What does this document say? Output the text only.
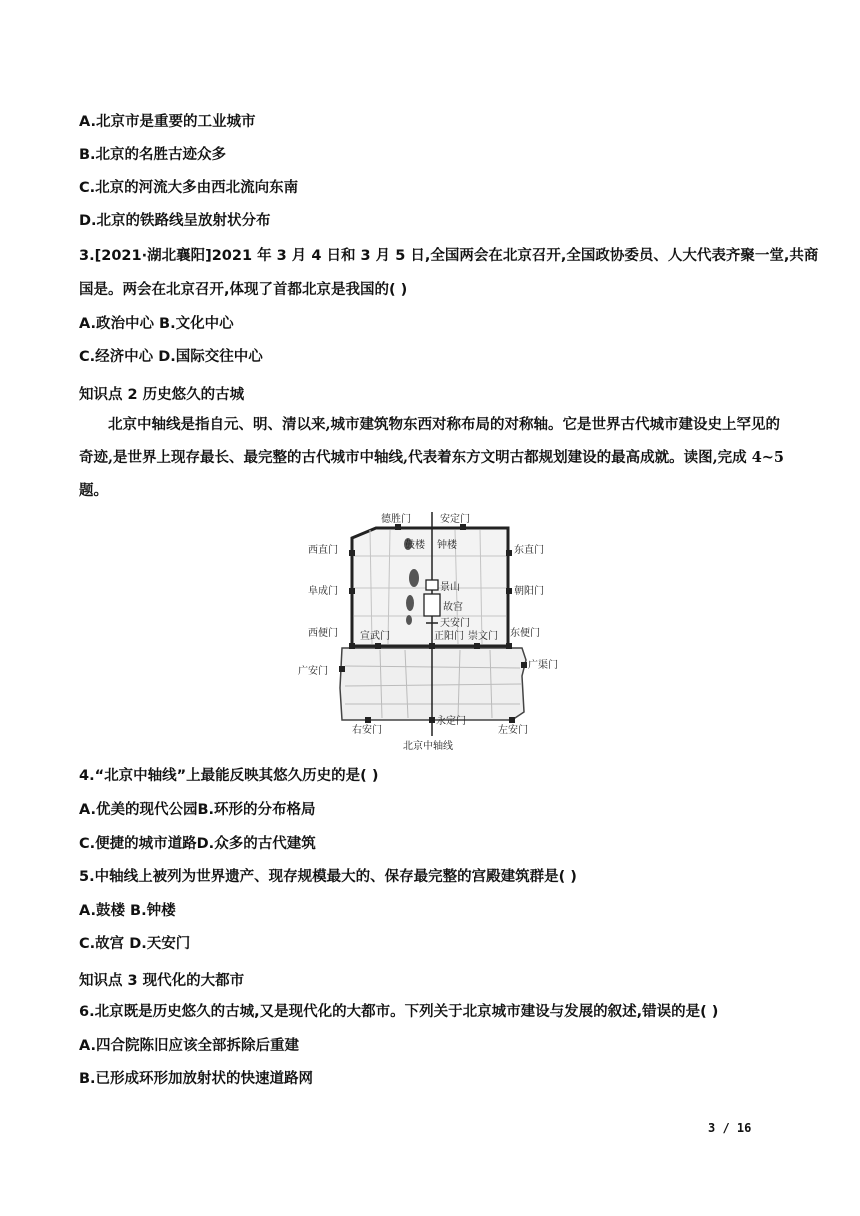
A.北京市是重要的工业城市
B.北京的名胜古迹众多
C.北京的河流大多由西北流向东南
D.北京的铁路线呈放射状分布
3.[2021·湖北襄阳]2021 年 3 月 4 日和 3 月 5 日,全国两会在北京召开,全国政协委员、人大代表齐聚一堂,共商
国是。两会在北京召开,体现了首都北京是我国的( )
A.政治中心 B.文化中心
C.经济中心 D.国际交往中心
知识点 2 历史悠久的古城
北京中轴线是指自元、明、清以来,城市建筑物东西对称布局的对称轴。它是世界古代城市建设史上罕见的奇迹,是世界上现存最长、最完整的古代城市中轴线,代表着东方文明古都规划建设的最高成就。读图,完成 4~5 题。
德胜门	安定门
西直门	东直门
阜成门	朝阳门
西便门	东便门
宣武门	正阳门 崇文门
广安门
广渠门
右安门
永定门
左安门
鼓楼 钟楼
景山
故宫
天安门
北京中轴线
4.“北京中轴线”上最能反映其悠久历史的是( )
A.优美的现代公园B.环形的分布格局
C.便捷的城市道路D.众多的古代建筑
5.中轴线上被列为世界遗产、现存规模最大的、保存最完整的宫殿建筑群是( )
A.鼓楼 B.钟楼
C.故宫 D.天安门
知识点 3 现代化的大都市
6.北京既是历史悠久的古城,又是现代化的大都市。下列关于北京城市建设与发展的叙述,错误的是( )
A.四合院陈旧应该全部拆除后重建
B.已形成环形加放射状的快速道路网
3 / 16
